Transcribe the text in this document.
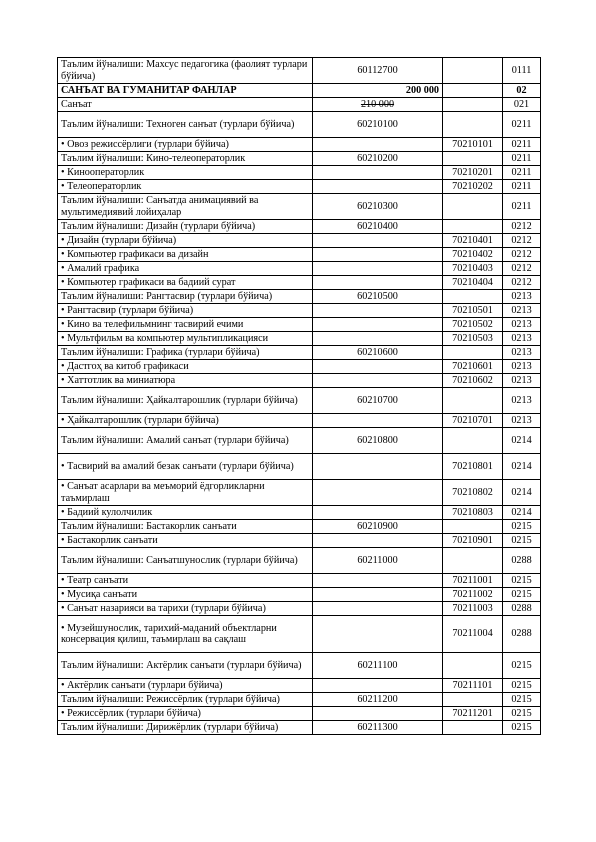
Таълим йўналиши: Махсус педагогика (фаолият турлари бўйича)	60112700		0111
САНЪАТ ВА ГУМАНИТАР ФАНЛАР	200 000		02
Санъат	210 000		021
Таълим йўналиши: Техноген санъат (турлари бўйича)	60210100		0211
• Овоз режиссёрлиги (турлари бўйича)		70210101	0211
Таълим йўналиши: Кино-телеоператорлик	60210200		0211
• Кинооператорлик		70210201	0211
• Телеоператорлик		70210202	0211
Таълим йўналиши: Санъатда анимациявий ва мультимедиявий лойиҳалар	60210300		0211
Таълим йўналиши: Дизайн (турлари бўйича)	60210400		0212
• Дизайн (турлари бўйича)		70210401	0212
• Компьютер графикаси ва дизайн		70210402	0212
• Амалий графика		70210403	0212
• Компьютер графикаси ва бадиий сурат		70210404	0212
Таълим йўналиши: Рангтасвир (турлари бўйича)	60210500		0213
• Рангтасвир (турлари бўйича)		70210501	0213
• Кино ва телефильмнинг тасвирий ечими		70210502	0213
• Мультфильм ва компьютер мультипликацияси		70210503	0213
Таълим йўналиши: Графика (турлари бўйича)	60210600		0213
• Дастгоҳ ва китоб графикаси		70210601	0213
• Хаттотлик ва миниатюра		70210602	0213
Таълим йўналиши: Ҳайкалтарошлик (турлари бўйича)	60210700		0213
• Ҳайкалтарошлик (турлари бўйича)		70210701	0213
Таълим йўналиши: Амалий санъат (турлари бўйича)	60210800		0214
• Тасвирий ва амалий безак санъати (турлари бўйича)		70210801	0214
• Санъат асарлари ва меъморий ёдгорликларни таъмирлаш		70210802	0214
• Бадиий кулолчилик		70210803	0214
Таълим йўналиши: Бастакорлик санъати	60210900		0215
• Бастакорлик санъати		70210901	0215
Таълим йўналиши: Санъатшунослик (турлари бўйича)	60211000		0288
• Театр санъати		70211001	0215
• Мусиқа санъати		70211002	0215
• Санъат назарияси ва тарихи (турлари бўйича)		70211003	0288
• Музейшунослик, тарихий-маданий объектларни консервация қилиш, таъмирлаш ва сақлаш		70211004	0288
Таълим йўналиши: Актёрлик санъати (турлари бўйича)	60211100		0215
• Актёрлик санъати (турлари бўйича)		70211101	0215
Таълим йўналиши: Режиссёрлик (турлари бўйича)	60211200		0215
• Режиссёрлик (турлари бўйича)		70211201	0215
Таълим йўналиши: Дирижёрлик (турлари бўйича)	60211300		0215
